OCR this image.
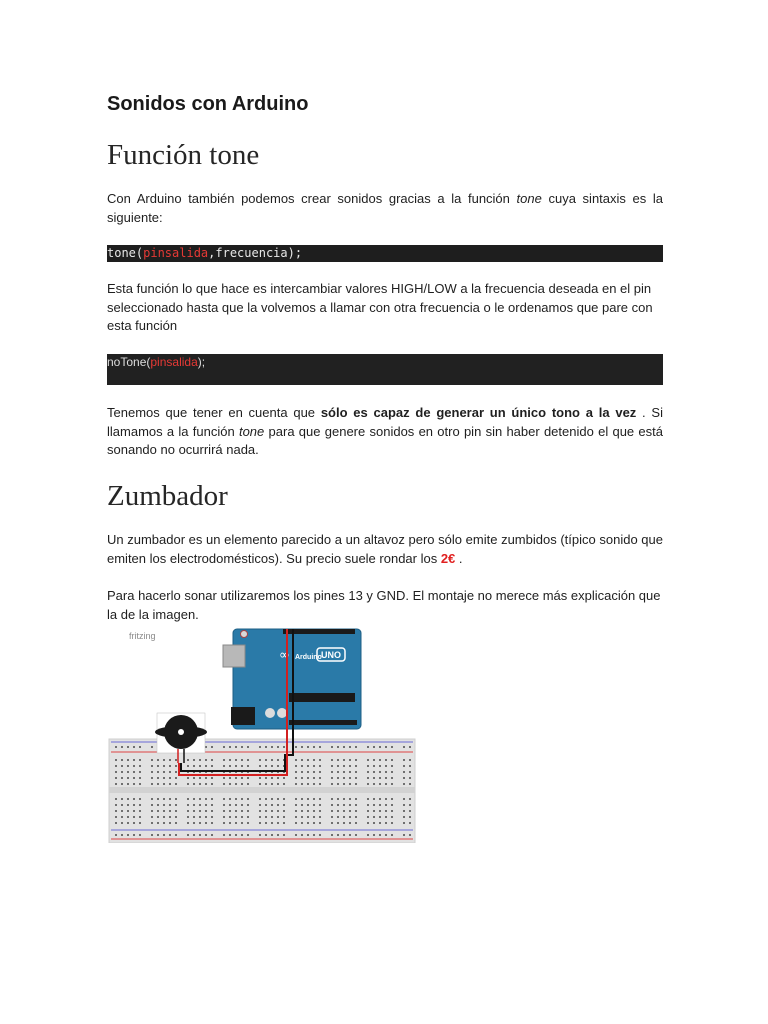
Sonidos con Arduino
Función tone

Con Arduino también podemos crear sonidos gracias a la función tone cuya sintaxis es la siguiente:

tone(pinsalida,frecuencia);

Esta función lo que hace es intercambiar valores HIGH/LOW a la frecuencia deseada en el pin seleccionado hasta que la volvemos a llamar con otra frecuencia o le ordenamos que pare con esta función

noTone(pinsalida);

Tenemos que tener en cuenta que sólo es capaz de generar un único tono a la vez . Si llamamos a la función tone para que genere sonidos en otro pin sin haber detenido el que está sonando no ocurrirá nada.

Zumbador

Un zumbador es un elemento parecido a un altavoz pero sólo emite zumbidos (típico sonido que emiten los electrodomésticos). Su precio suele rondar los 2€ .

Para hacerlo sonar utilizaremos los pines 13 y GND. El montaje no merece más explicación que la de la imagen.

fritzing
Arduino UNO
∞
